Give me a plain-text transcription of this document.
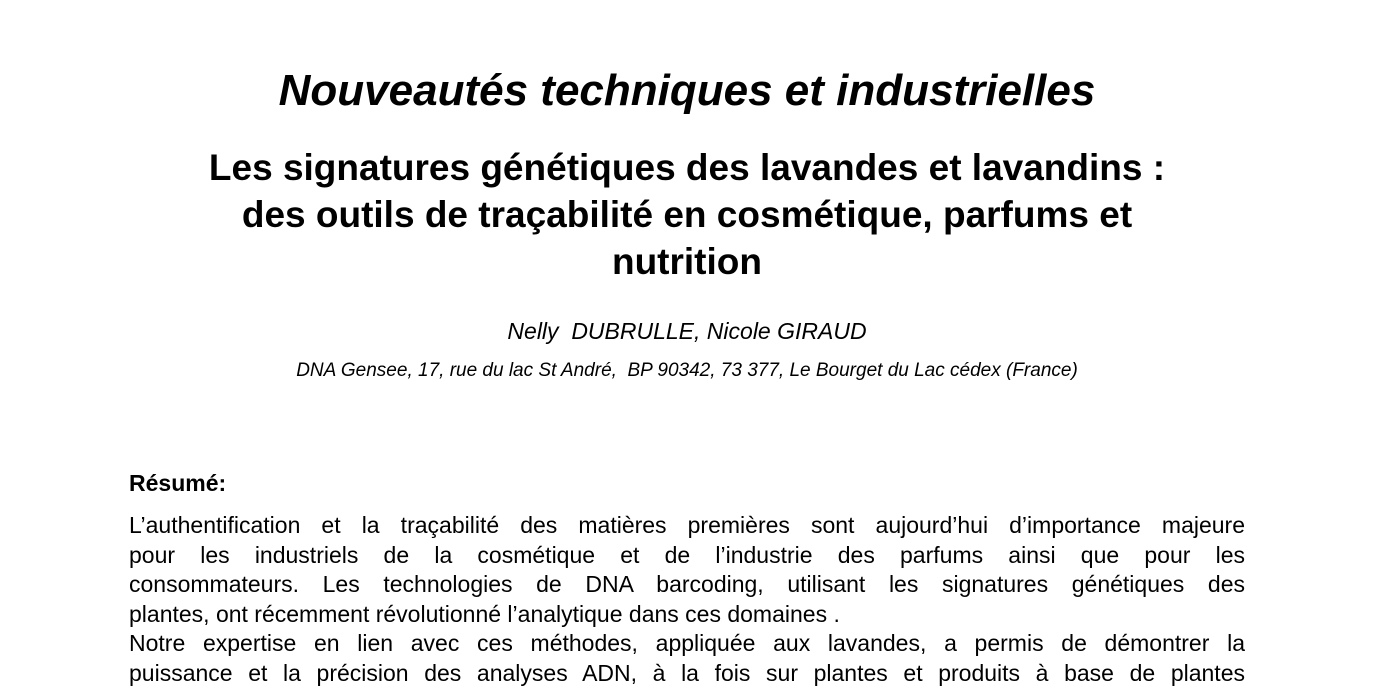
Nouveautés techniques et industrielles
Les signatures génétiques des lavandes et lavandins :
des outils de traçabilité en cosmétique, parfums et
nutrition
Nelly  DUBRULLE, Nicole GIRAUD
DNA Gensee, 17, rue du lac St André,  BP 90342, 73 377, Le Bourget du Lac cédex (France)
Résumé:
L’authentification et la traçabilité des matières premières sont aujourd’hui d’importance majeure
pour les industriels de la cosmétique et de l’industrie des parfums ainsi que pour les
consommateurs. Les technologies de DNA barcoding, utilisant les signatures génétiques des
plantes, ont récemment révolutionné l’analytique dans ces domaines .
Notre expertise en lien avec ces méthodes, appliquée aux lavandes, a permis de démontrer la
puissance et la précision des analyses ADN, à la fois sur plantes et produits à base de plantes
